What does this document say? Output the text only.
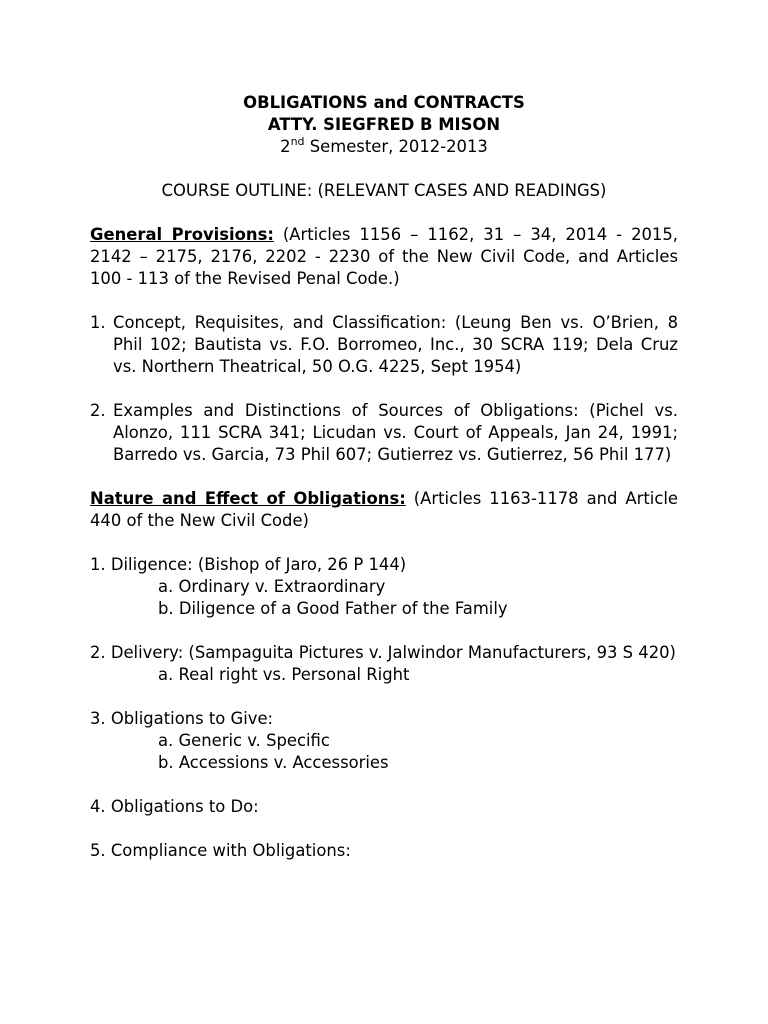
OBLIGATIONS and CONTRACTS
ATTY. SIEGFRED B MISON
2nd Semester, 2012-2013
COURSE OUTLINE: (RELEVANT CASES AND READINGS)
General Provisions: (Articles 1156 – 1162, 31 – 34, 2014 - 2015, 2142 – 2175, 2176, 2202 - 2230 of the New Civil Code, and Articles 100 - 113 of the Revised Penal Code.)
1. Concept, Requisites, and Classification: (Leung Ben vs. O’Brien, 8 Phil 102; Bautista vs. F.O. Borromeo, Inc., 30 SCRA 119; Dela Cruz vs. Northern Theatrical, 50 O.G. 4225, Sept 1954)
2. Examples and Distinctions of Sources of Obligations: (Pichel vs. Alonzo, 111 SCRA 341; Licudan vs. Court of Appeals, Jan 24, 1991; Barredo vs. Garcia, 73 Phil 607; Gutierrez vs. Gutierrez, 56 Phil 177)
Nature and Effect of Obligations: (Articles 1163-1178 and Article 440 of the New Civil Code)
1. Diligence: (Bishop of Jaro, 26 P 144)
a. Ordinary v. Extraordinary
b. Diligence of a Good Father of the Family
2. Delivery: (Sampaguita Pictures v. Jalwindor Manufacturers, 93 S 420)
a. Real right vs. Personal Right
3. Obligations to Give:
a. Generic v. Specific
b. Accessions v. Accessories
4. Obligations to Do:
5. Compliance with Obligations:
